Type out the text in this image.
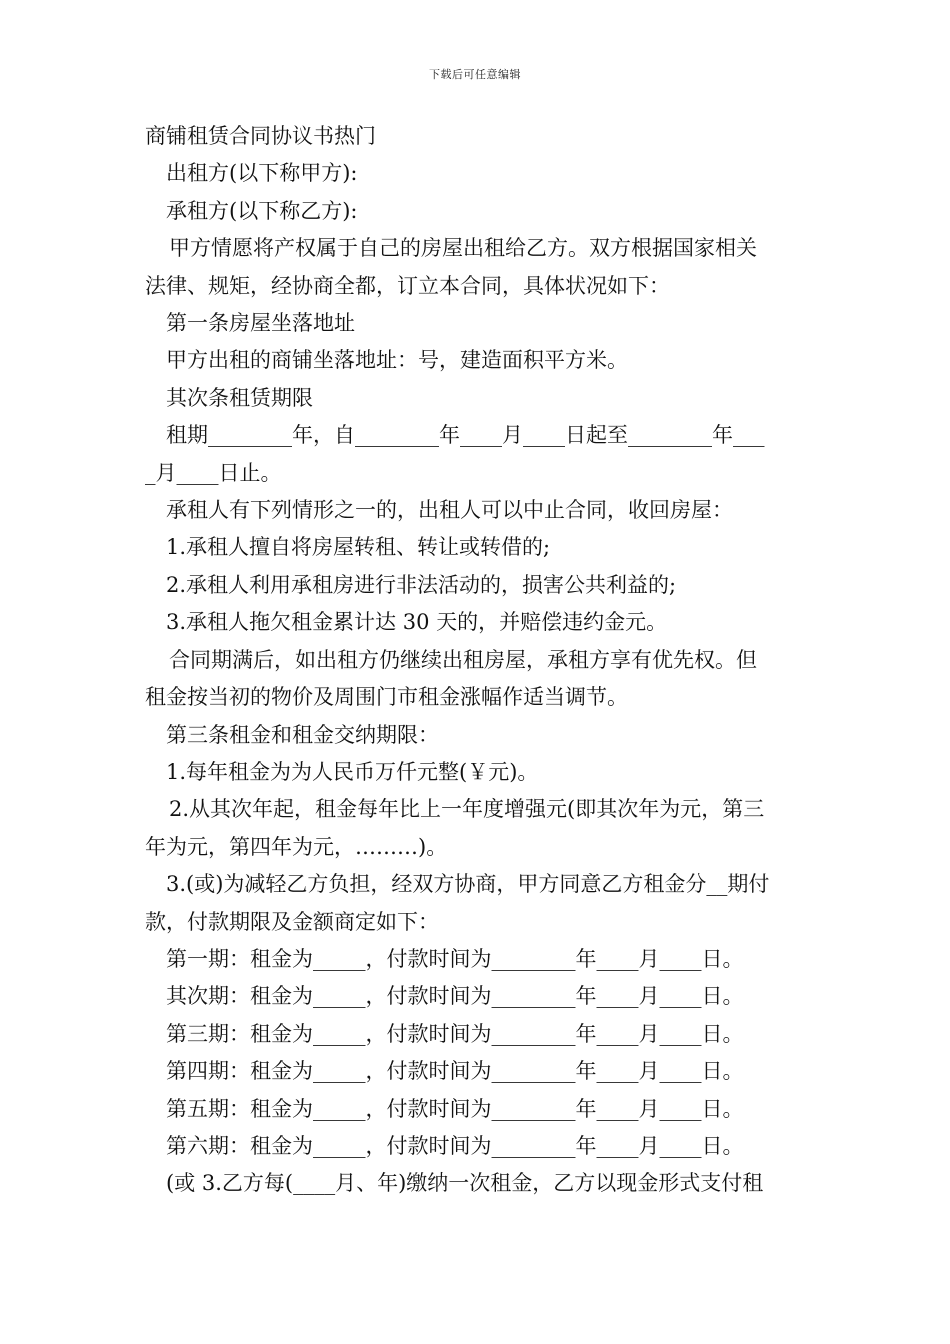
下载后可任意编辑
商铺租赁合同协议书热门
出租方(以下称甲方):
承租方(以下称乙方):
甲方情愿将产权属于自己的房屋出租给乙方。双方根据国家相关
法律、规矩，经协商全都，订立本合同，具体状况如下：
第一条房屋坐落地址
甲方出租的商铺坐落地址：号，建造面积平方米。
其次条租赁期限
租期________年，自________年____月____日起至________年___
_月____日止。
承租人有下列情形之一的，出租人可以中止合同，收回房屋：
1.承租人擅自将房屋转租、转让或转借的;
2.承租人利用承租房进行非法活动的，损害公共利益的;
3.承租人拖欠租金累计达 30 天的，并赔偿违约金元。
合同期满后，如出租方仍继续出租房屋，承租方享有优先权。但
租金按当初的物价及周围门市租金涨幅作适当调节。
第三条租金和租金交纳期限：
1.每年租金为为人民币万仟元整(￥元)。
2.从其次年起，租金每年比上一年度增强元(即其次年为元，第三
年为元，第四年为元，………)。
3.(或)为减轻乙方负担，经双方协商，甲方同意乙方租金分__期付
款，付款期限及金额商定如下：
第一期：租金为_____，付款时间为________年____月____日。
其次期：租金为_____，付款时间为________年____月____日。
第三期：租金为_____，付款时间为________年____月____日。
第四期：租金为_____，付款时间为________年____月____日。
第五期：租金为_____，付款时间为________年____月____日。
第六期：租金为_____，付款时间为________年____月____日。
(或 3.乙方每(____月、年)缴纳一次租金，乙方以现金形式支付租
